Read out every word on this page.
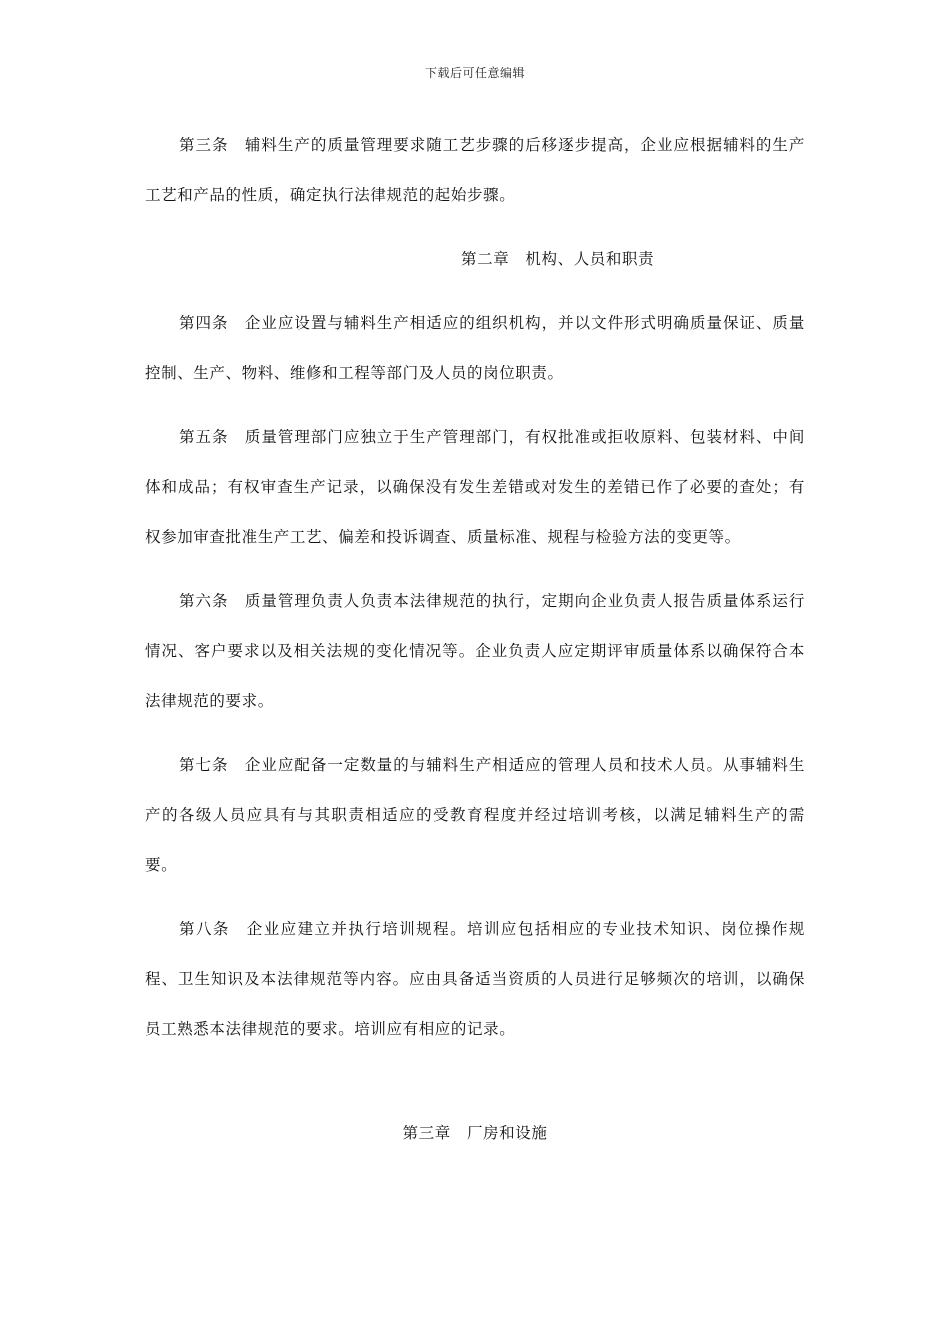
下载后可任意编辑

第三条　辅料生产的质量管理要求随工艺步骤的后移逐步提高，企业应根据辅料的生产工艺和产品的性质，确定执行法律规范的起始步骤。

第二章　机构、人员和职责

第四条　企业应设置与辅料生产相适应的组织机构，并以文件形式明确质量保证、质量控制、生产、物料、维修和工程等部门及人员的岗位职责。

第五条　质量管理部门应独立于生产管理部门，有权批准或拒收原料、包装材料、中间体和成品；有权审查生产记录，以确保没有发生差错或对发生的差错已作了必要的查处；有权参加审查批准生产工艺、偏差和投诉调查、质量标准、规程与检验方法的变更等。

第六条　质量管理负责人负责本法律规范的执行，定期向企业负责人报告质量体系运行情况、客户要求以及相关法规的变化情况等。企业负责人应定期评审质量体系以确保符合本法律规范的要求。

第七条　企业应配备一定数量的与辅料生产相适应的管理人员和技术人员。从事辅料生产的各级人员应具有与其职责相适应的受教育程度并经过培训考核，以满足辅料生产的需要。

第八条　企业应建立并执行培训规程。培训应包括相应的专业技术知识、岗位操作规程、卫生知识及本法律规范等内容。应由具备适当资质的人员进行足够频次的培训，以确保员工熟悉本法律规范的要求。培训应有相应的记录。

第三章　厂房和设施
